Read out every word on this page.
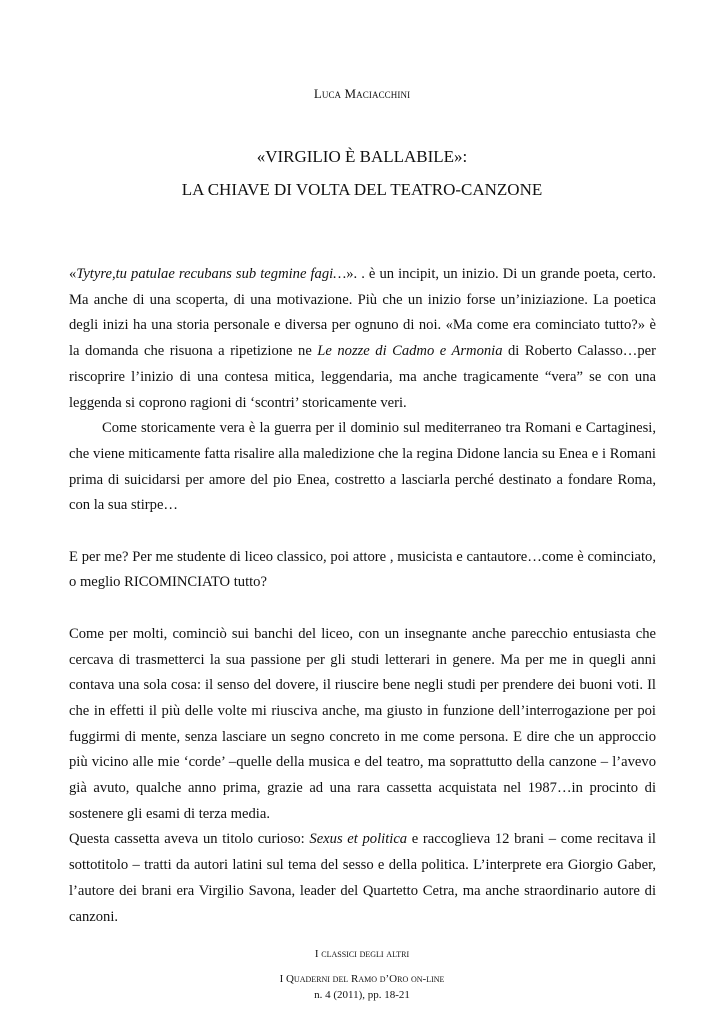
Luca Maciacchini
«VIRGILIO È BALLABILE»:
LA CHIAVE DI VOLTA DEL TEATRO-CANZONE

«Tytyre,tu patulae recubans sub tegmine fagi…». . è un incipit, un inizio. Di un grande poeta, certo. Ma anche di una scoperta, di una motivazione. Più che un inizio forse un’iniziazione. La poetica degli inizi ha una storia personale e diversa per ognuno di noi. «Ma come era cominciato tutto?» è la domanda che risuona a ripetizione ne Le nozze di Cadmo e Armonia di Roberto Calasso…per riscoprire l’inizio di una contesa mitica, leggendaria, ma anche tragicamente “vera” se con una leggenda si coprono ragioni di ‘scontri’ storicamente veri.

Come storicamente vera è la guerra per il dominio sul mediterraneo tra Romani e Cartaginesi, che viene miticamente fatta risalire alla maledizione che la regina Didone lancia su Enea e i Romani prima di suicidarsi per amore del pio Enea, costretto a lasciarla perché destinato a fondare Roma, con la sua stirpe…

E per me? Per me studente di liceo classico, poi attore , musicista e cantautore…come è cominciato, o meglio RICOMINCIATO tutto?

Come per molti, cominciò sui banchi del liceo, con un insegnante anche parecchio entusiasta che cercava di trasmetterci la sua passione per gli studi letterari in genere. Ma per me in quegli anni contava una sola cosa: il senso del dovere, il riuscire bene negli studi per prendere dei buoni voti. Il che in effetti il più delle volte mi riusciva anche, ma giusto in funzione dell’interrogazione per poi fuggirmi di mente, senza lasciare un segno concreto in me come persona. E dire che un approccio più vicino alle mie ‘corde’ –quelle della musica e del teatro, ma soprattutto della canzone – l’avevo già avuto, qualche anno prima, grazie ad una rara cassetta acquistata nel 1987…in procinto di sostenere gli esami di terza media.

Questa cassetta aveva un titolo curioso: Sexus et politica e raccoglieva 12 brani – come recitava il sottotitolo – tratti da autori latini sul tema del sesso e della politica. L’interprete era Giorgio Gaber, l’autore dei brani era Virgilio Savona, leader del Quartetto Cetra, ma anche straordinario autore di canzoni.

I classici degli altri
I Quaderni del Ramo d’Oro on-line
n. 4 (2011), pp. 18-21
